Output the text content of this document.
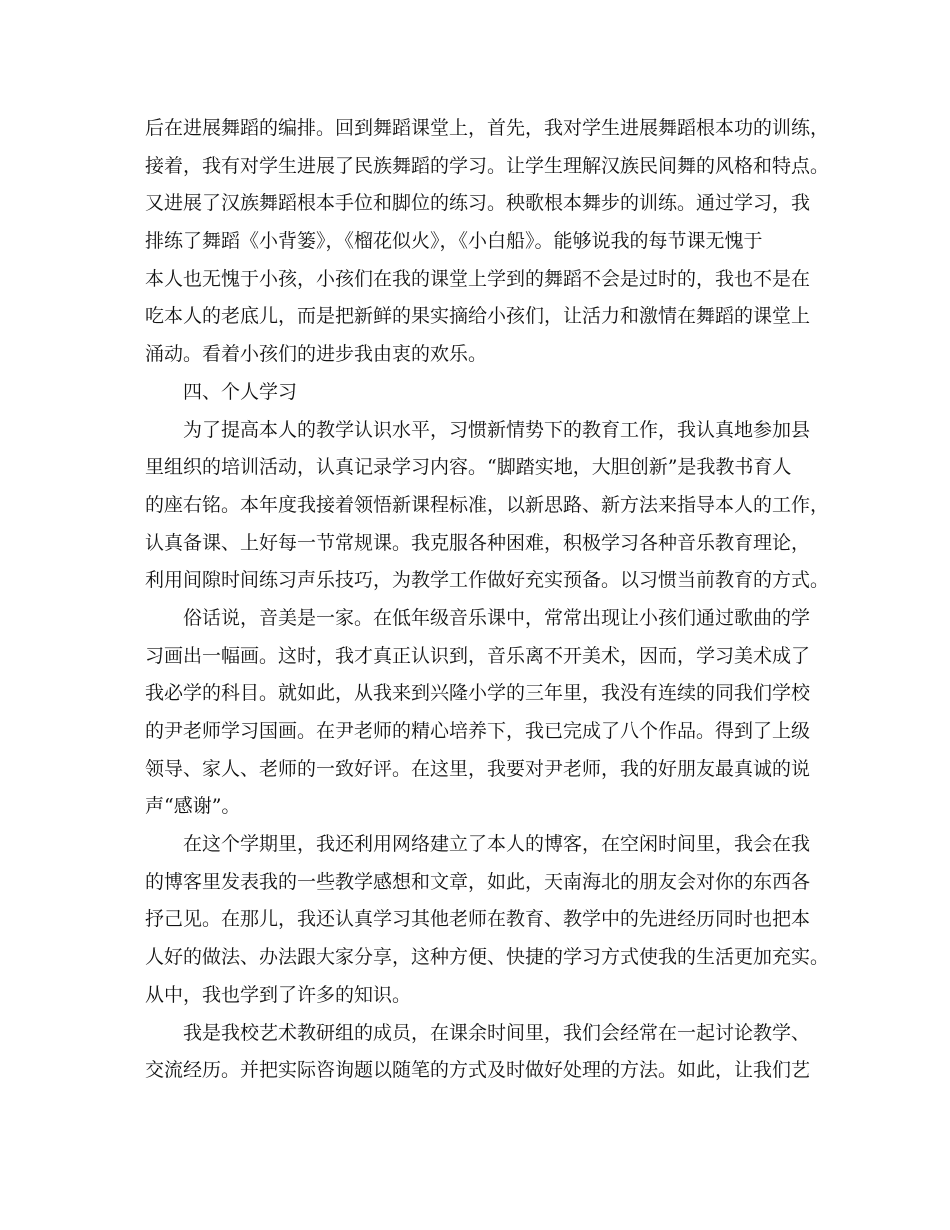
后在进展舞蹈的编排。回到舞蹈课堂上，首先，我对学生进展舞蹈根本功的训练，
接着，我有对学生进展了民族舞蹈的学习。让学生理解汉族民间舞的风格和特点。
又进展了汉族舞蹈根本手位和脚位的练习。秧歌根本舞步的训练。通过学习，我
排练了舞蹈《小背篓》，《榴花似火》，《小白船》。能够说我的每节课无愧于
本人也无愧于小孩，小孩们在我的课堂上学到的舞蹈不会是过时的，我也不是在
吃本人的老底儿，而是把新鲜的果实摘给小孩们，让活力和激情在舞蹈的课堂上
涌动。看着小孩们的进步我由衷的欢乐。
四、个人学习
为了提高本人的教学认识水平，习惯新情势下的教育工作，我认真地参加县
里组织的培训活动，认真记录学习内容。“脚踏实地，大胆创新”是我教书育人
的座右铭。本年度我接着领悟新课程标准，以新思路、新方法来指导本人的工作，
认真备课、上好每一节常规课。我克服各种困难，积极学习各种音乐教育理论，
利用间隙时间练习声乐技巧，为教学工作做好充实预备。以习惯当前教育的方式。
俗话说，音美是一家。在低年级音乐课中，常常出现让小孩们通过歌曲的学
习画出一幅画。这时，我才真正认识到，音乐离不开美术，因而，学习美术成了
我必学的科目。就如此，从我来到兴隆小学的三年里，我没有连续的同我们学校
的尹老师学习国画。在尹老师的精心培养下，我已完成了八个作品。得到了上级
领导、家人、老师的一致好评。在这里，我要对尹老师，我的好朋友最真诚的说
声“感谢”。
在这个学期里，我还利用网络建立了本人的博客，在空闲时间里，我会在我
的博客里发表我的一些教学感想和文章，如此，天南海北的朋友会对你的东西各
抒己见。在那儿，我还认真学习其他老师在教育、教学中的先进经历同时也把本
人好的做法、办法跟大家分享，这种方便、快捷的学习方式使我的生活更加充实。
从中，我也学到了许多的知识。
我是我校艺术教研组的成员，在课余时间里，我们会经常在一起讨论教学、
交流经历。并把实际咨询题以随笔的方式及时做好处理的方法。如此，让我们艺
